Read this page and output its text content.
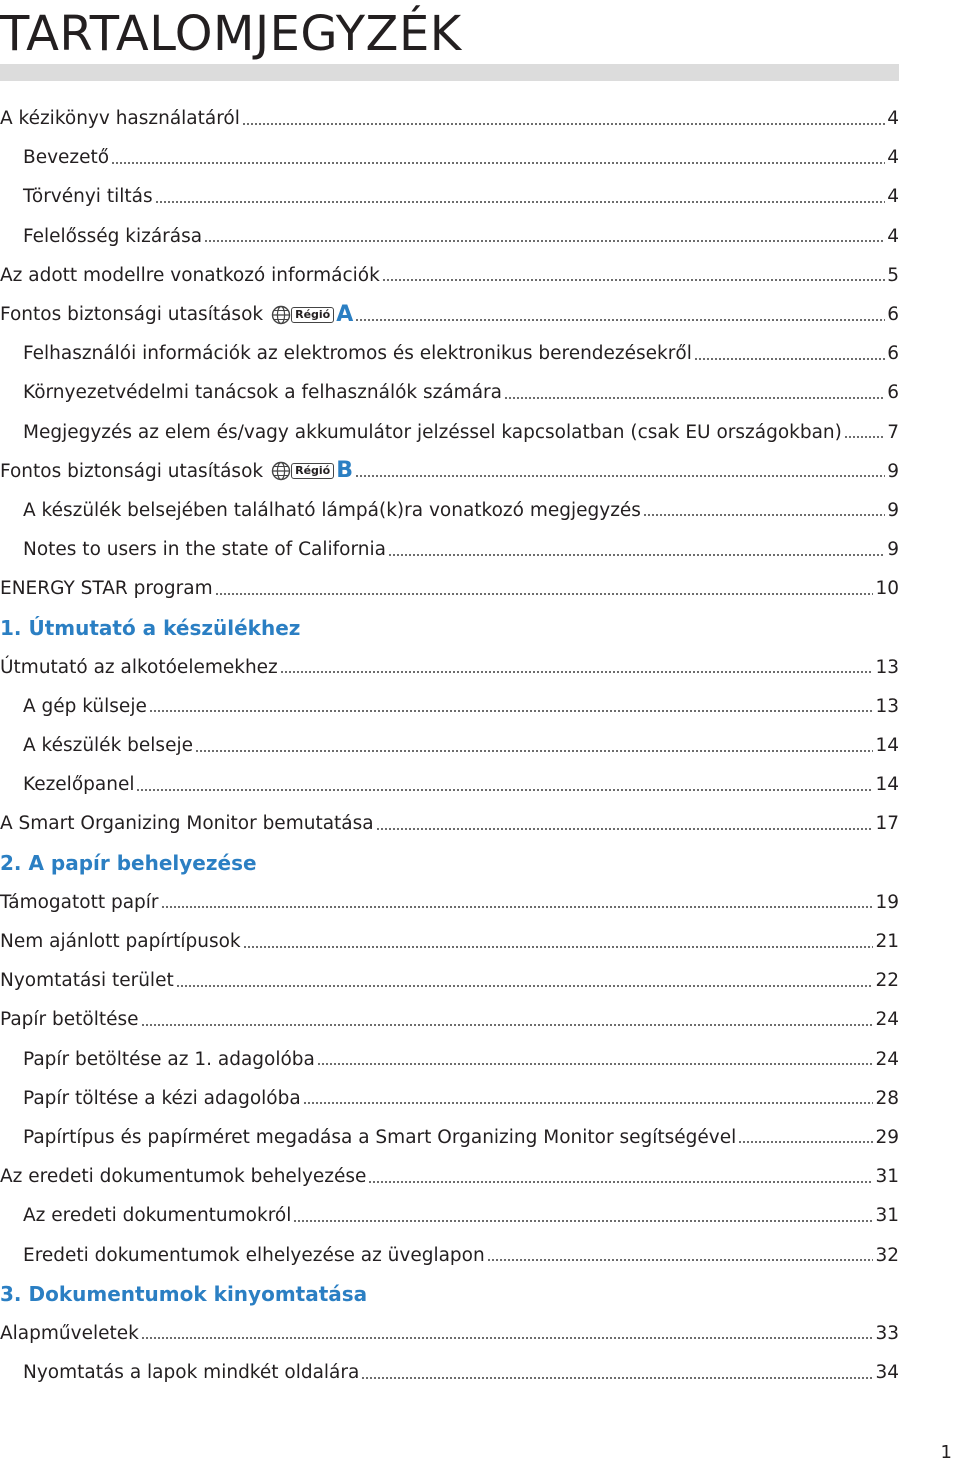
TARTALOMJEGYZÉK
A kézikönyv használatáról	4
Bevezető	4
Törvényi tiltás	4
Felelősség kizárása	4
Az adott modellre vonatkozó információk	5
Fontos biztonsági utasítások	Régió A	6
Felhasználói információk az elektromos és elektronikus berendezésekről	6
Környezetvédelmi tanácsok a felhasználók számára	6
Megjegyzés az elem és/vagy akkumulátor jelzéssel kapcsolatban (csak EU országokban) 7
Fontos biztonsági utasítások	Régió B	9
A készülék belsejében található lámpá(k)ra vonatkozó megjegyzés	9
Notes to users in the state of California	9
ENERGY STAR program	10
1. Útmutató a készülékhez
Útmutató az alkotóelemekhez	13
A gép külseje	13
A készülék belseje	14
Kezelőpanel	14
A Smart Organizing Monitor bemutatása	17
2. A papír behelyezése
Támogatott papír	19
Nem ajánlott papírtípusok	21
Nyomtatási terület	22
Papír betöltése	24
Papír betöltése az 1. adagolóba	24
Papír töltése a kézi adagolóba	28
Papírtípus és papírméret megadása a Smart Organizing Monitor segítségével	29
Az eredeti dokumentumok behelyezése	31
Az eredeti dokumentumokról	31
Eredeti dokumentumok elhelyezése az üveglapon	32
3. Dokumentumok kinyomtatása
Alapműveletek	33
Nyomtatás a lapok mindkét oldalára	34
1
